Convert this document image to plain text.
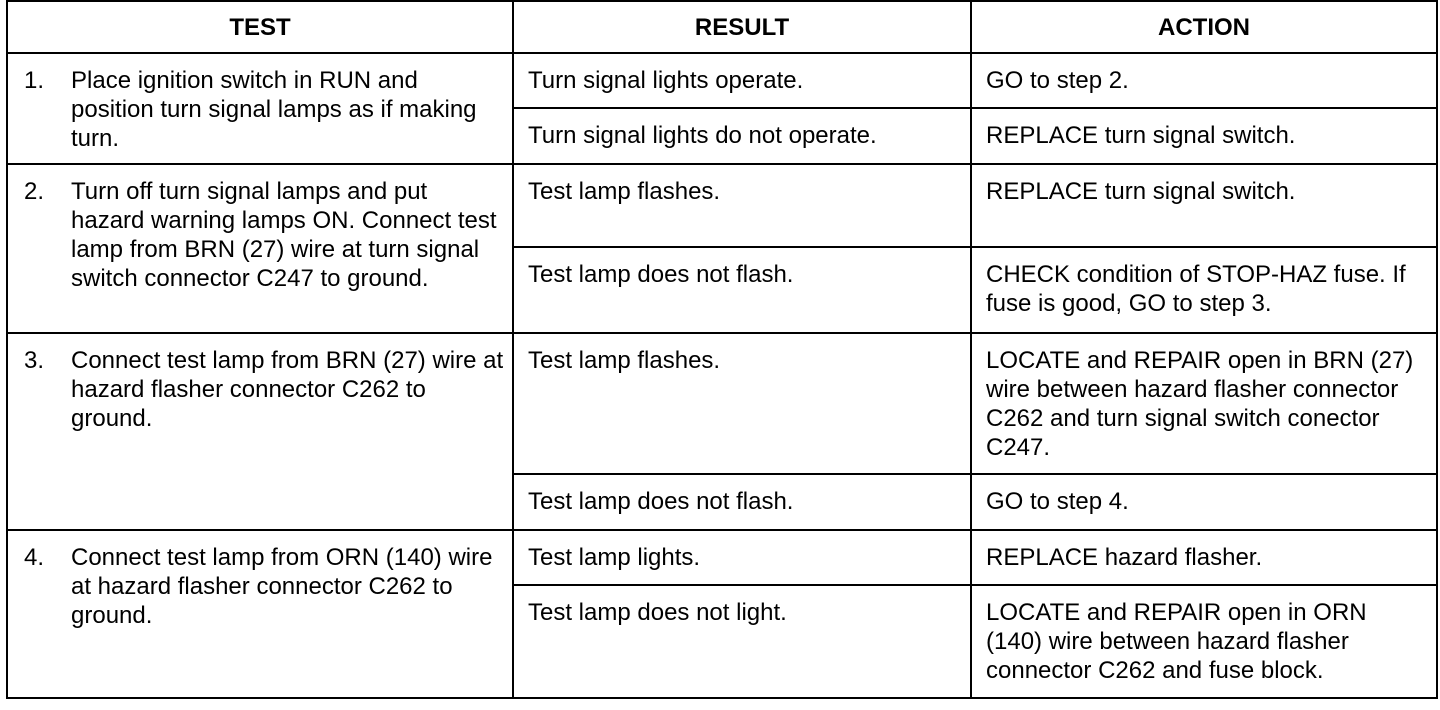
TEST	RESULT	ACTION

1. Place ignition switch in RUN and position turn signal lamps as if making turn.	Turn signal lights operate.	GO to step 2.
	Turn signal lights do not operate.	REPLACE turn signal switch.

2. Turn off turn signal lamps and put hazard warning lamps ON. Connect test lamp from BRN (27) wire at turn signal switch connector C247 to ground.	Test lamp flashes.	REPLACE turn signal switch.
	Test lamp does not flash.	CHECK condition of STOP-HAZ fuse. If fuse is good, GO to step 3.

3. Connect test lamp from BRN (27) wire at hazard flasher connector C262 to ground.	Test lamp flashes.	LOCATE and REPAIR open in BRN (27) wire between hazard flasher connector C262 and turn signal switch conector C247.
	Test lamp does not flash.	GO to step 4.

4. Connect test lamp from ORN (140) wire at hazard flasher connector C262 to ground.	Test lamp lights.	REPLACE hazard flasher.
	Test lamp does not light.	LOCATE and REPAIR open in ORN (140) wire between hazard flasher connector C262 and fuse block.
